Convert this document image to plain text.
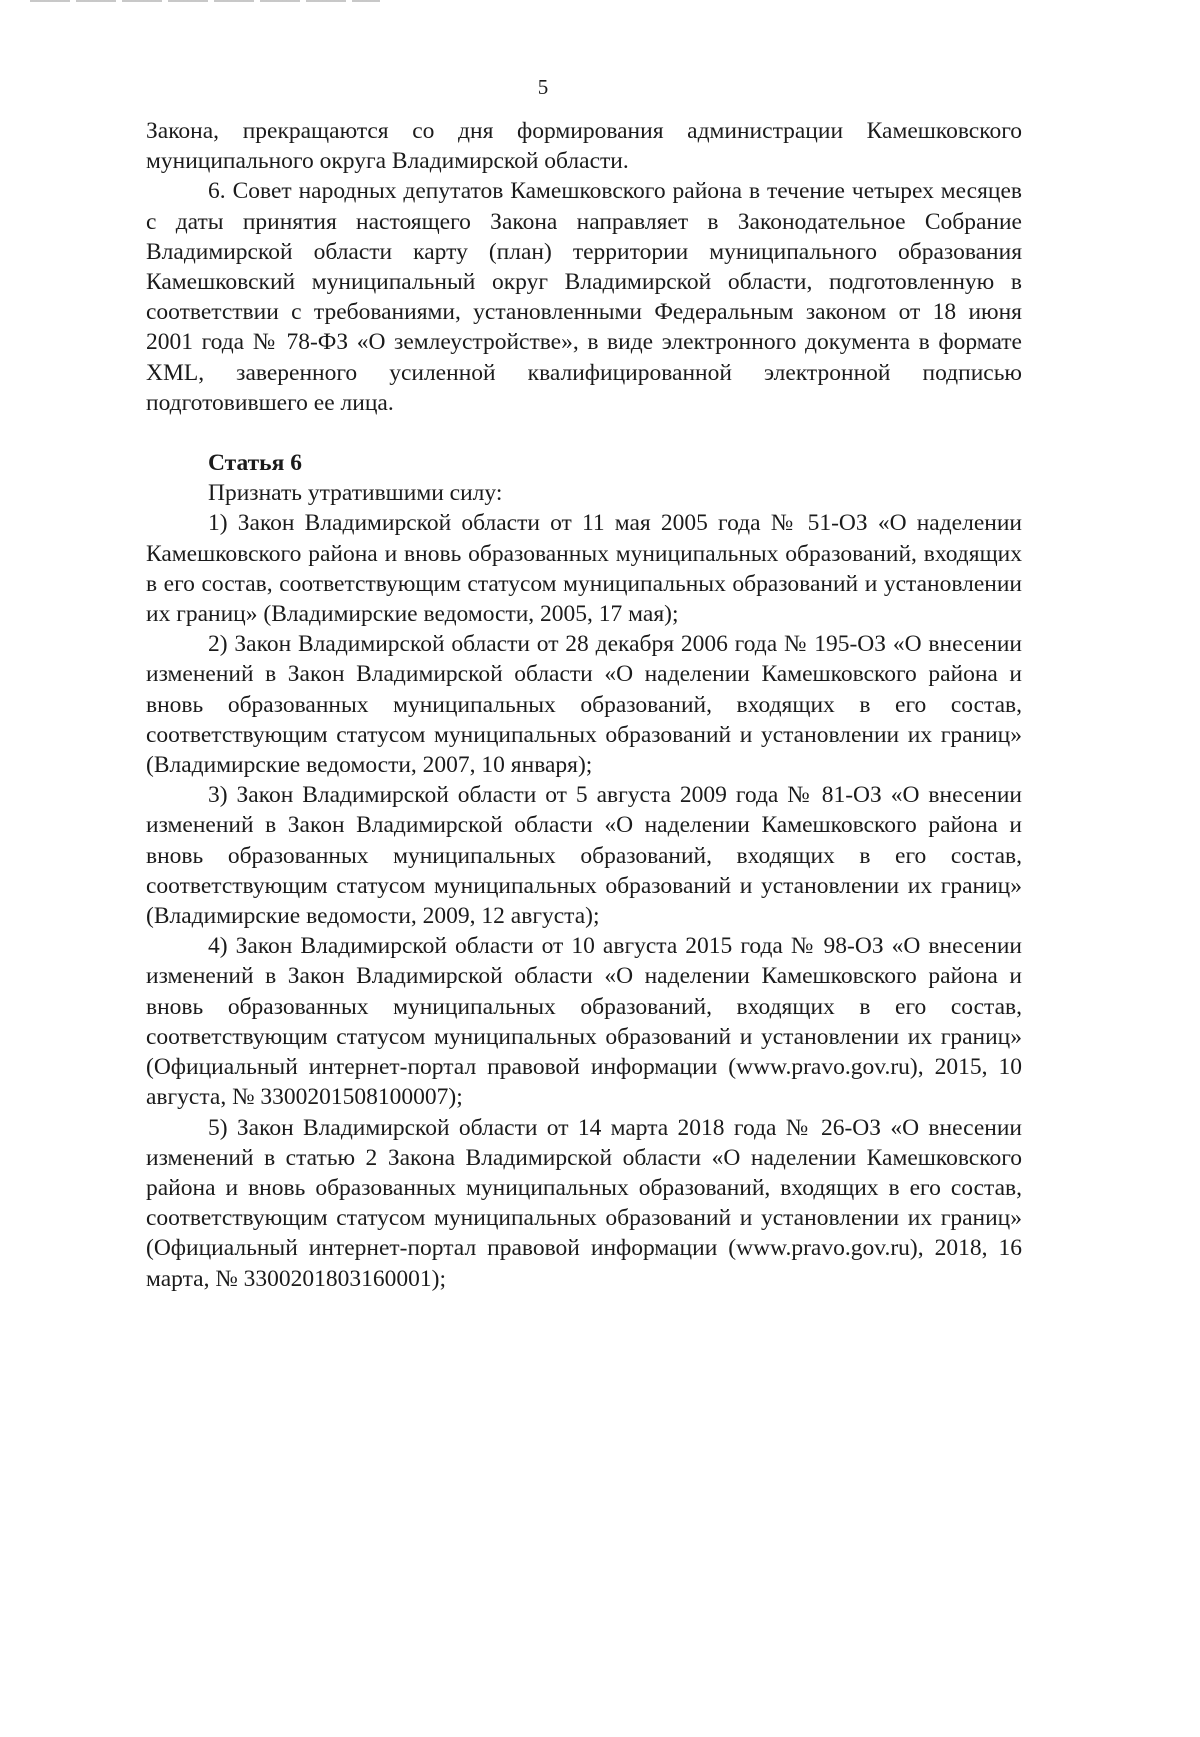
5

Закона, прекращаются со дня формирования администрации Камешковского муниципального округа Владимирской области.

6. Совет народных депутатов Камешковского района в течение четырех месяцев с даты принятия настоящего Закона направляет в Законодательное Собрание Владимирской области карту (план) территории муниципального образования Камешковский муниципальный округ Владимирской области, подготовленную в соответствии с требованиями, установленными Федеральным законом от 18 июня 2001 года № 78-ФЗ «О землеустройстве», в виде электронного документа в формате XML, заверенного усиленной квалифицированной электронной подписью подготовившего ее лица.

Статья 6

Признать утратившими силу:

1) Закон Владимирской области от 11 мая 2005 года № 51-ОЗ «О наделении Камешковского района и вновь образованных муниципальных образований, входящих в его состав, соответствующим статусом муниципальных образований и установлении их границ» (Владимирские ведомости, 2005, 17 мая);

2) Закон Владимирской области от 28 декабря 2006 года № 195-ОЗ «О внесении изменений в Закон Владимирской области «О наделении Камешковского района и вновь образованных муниципальных образований, входящих в его состав, соответствующим статусом муниципальных образований и установлении их границ» (Владимирские ведомости, 2007, 10 января);

3) Закон Владимирской области от 5 августа 2009 года № 81-ОЗ «О внесении изменений в Закон Владимирской области «О наделении Камешковского района и вновь образованных муниципальных образований, входящих в его состав, соответствующим статусом муниципальных образований и установлении их границ» (Владимирские ведомости, 2009, 12 августа);

4) Закон Владимирской области от 10 августа 2015 года № 98-ОЗ «О внесении изменений в Закон Владимирской области «О наделении Камешковского района и вновь образованных муниципальных образований, входящих в его состав, соответствующим статусом муниципальных образований и установлении их границ» (Официальный интернет-портал правовой информации (www.pravo.gov.ru), 2015, 10 августа, № 3300201508100007);

5) Закон Владимирской области от 14 марта 2018 года № 26-ОЗ «О внесении изменений в статью 2 Закона Владимирской области «О наделении Камешковского района и вновь образованных муниципальных образований, входящих в его состав, соответствующим статусом муниципальных образований и установлении их границ» (Официальный интернет-портал правовой информации (www.pravo.gov.ru), 2018, 16 марта, № 3300201803160001);
